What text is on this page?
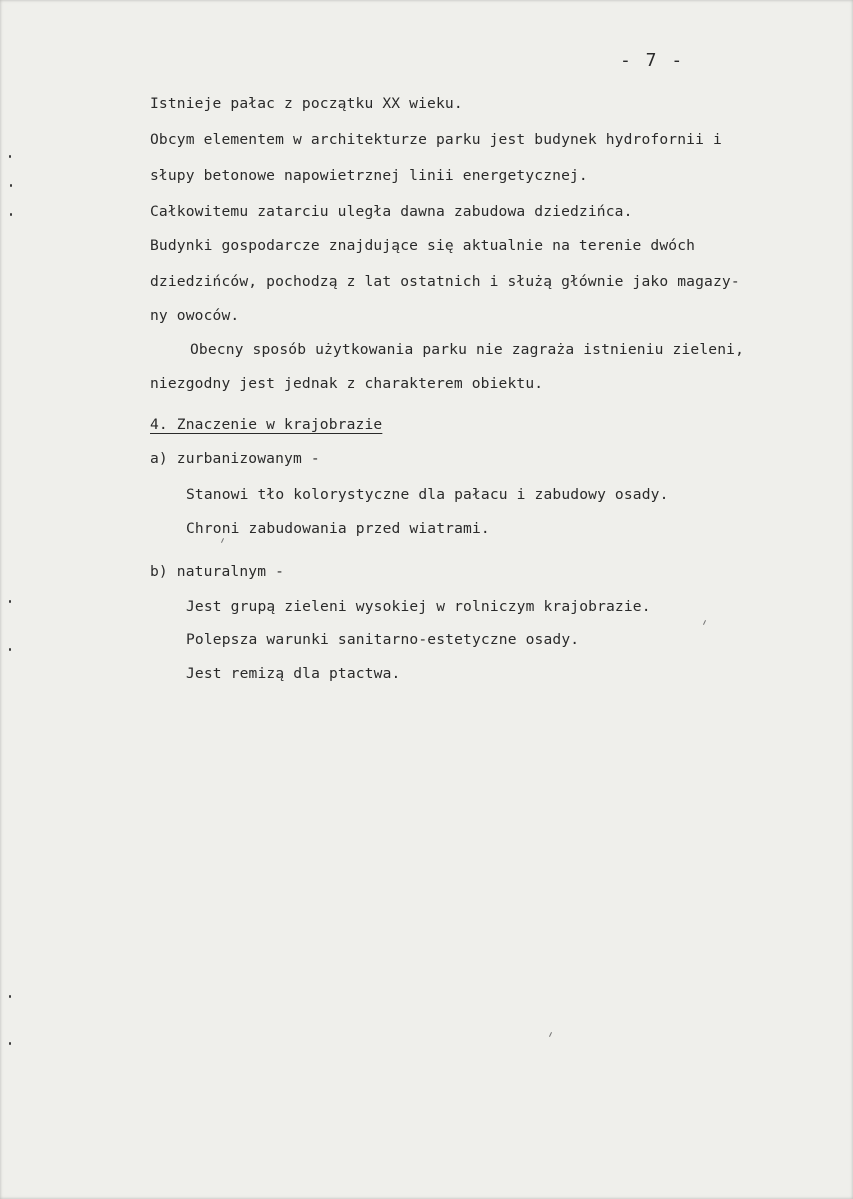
- 7 -
Istnieje pałac z początku XX wieku.
Obcym elementem w architekturze parku jest budynek hydrofornii i
słupy betonowe napowietrznej linii energetycznej.
Całkowitemu zatarciu uległa dawna zabudowa dziedzińca.
Budynki gospodarcze znajdujące się aktualnie na terenie dwóch
dziedzińców, pochodzą z lat ostatnich i służą głównie jako magazy-
ny owoców.
Obecny sposób użytkowania parku nie zagraża istnieniu zieleni,
niezgodny jest jednak z charakterem obiektu.
4. Znaczenie w krajobrazie
a) zurbanizowanym -
Stanowi tło kolorystyczne dla pałacu i zabudowy osady.
Chroni zabudowania przed wiatrami.
b) naturalnym -
Jest grupą zieleni wysokiej w rolniczym krajobrazie.
Polepsza warunki sanitarno-estetyczne osady.
Jest remizą dla ptactwa.
